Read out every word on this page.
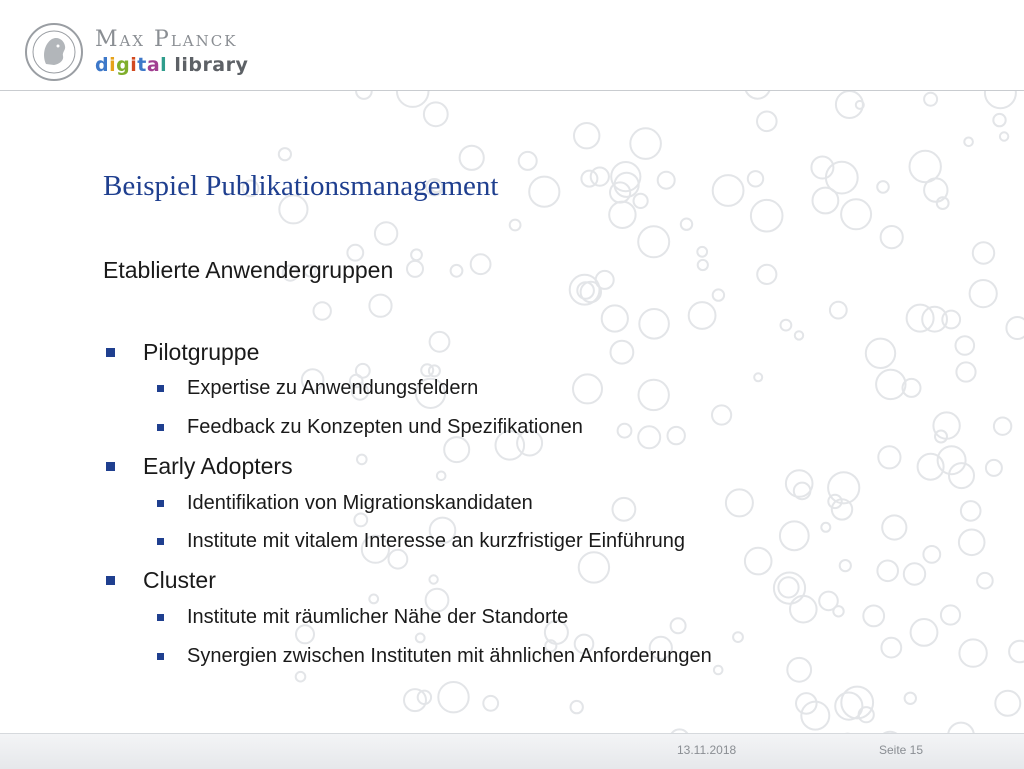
Max Planck
digital library
Beispiel Publikationsmanagement
Etablierte Anwendergruppen
Pilotgruppe
Expertise zu Anwendungsfeldern
Feedback zu Konzepten und Spezifikationen
Early Adopters
Identifikation von Migrationskandidaten
Institute mit vitalem Interesse an kurzfristiger Einführung
Cluster
Institute mit räumlicher Nähe der Standorte
Synergien zwischen Instituten mit ähnlichen Anforderungen
13.11.2018	Seite 15
